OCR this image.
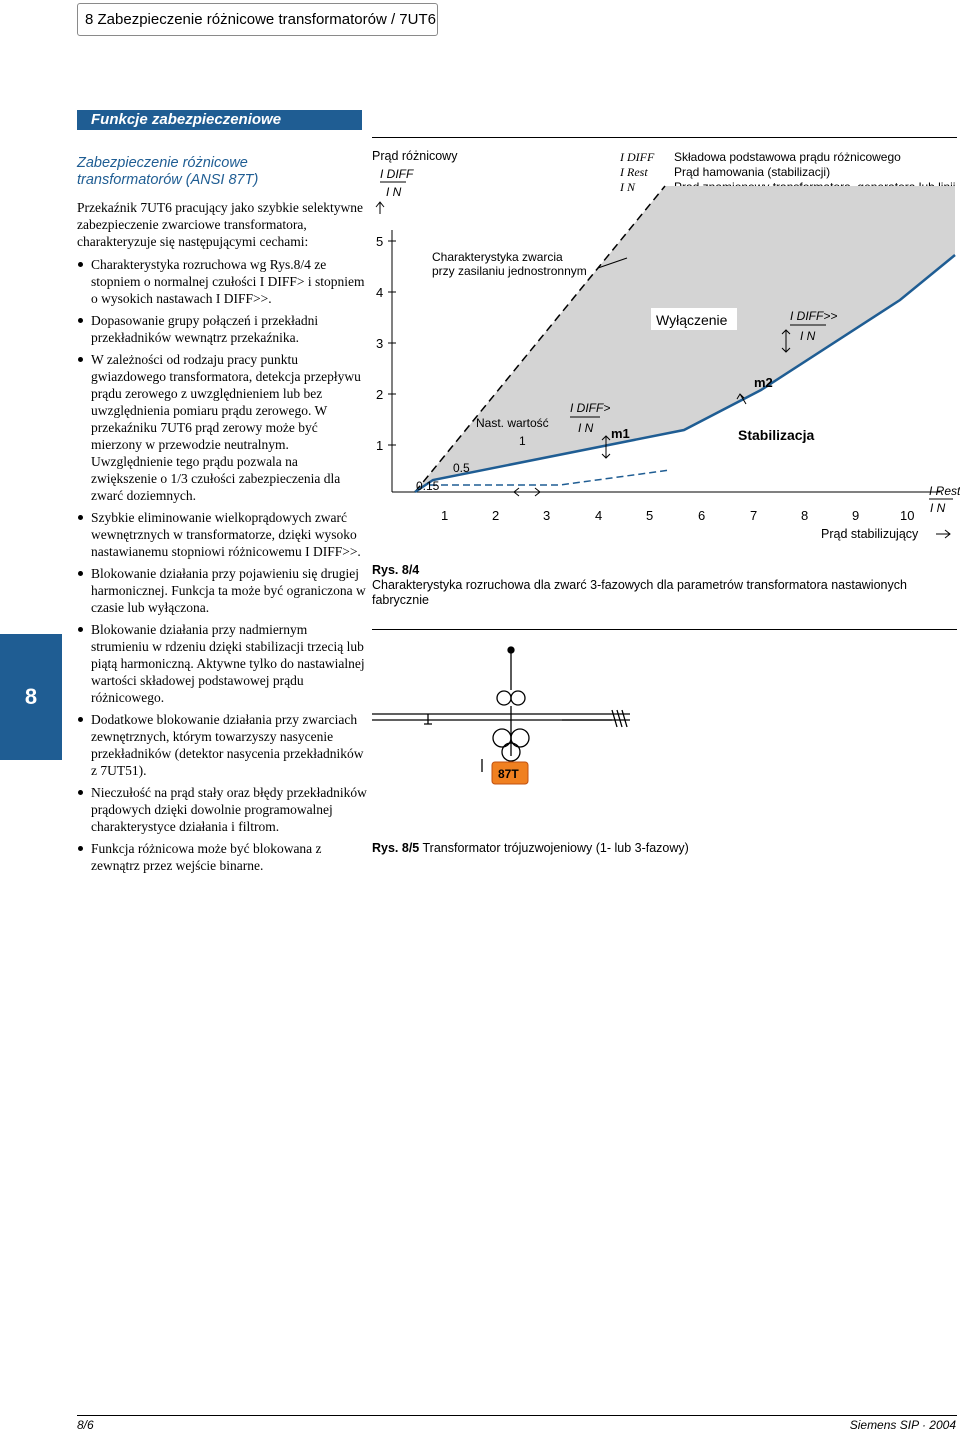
8 Zabezpieczenie różnicowe transformatorów / 7UT6
Funkcje zabezpieczeniowe

Zabezpieczenie różnicowe
transformatorów (ANSI 87T)

Przekaźnik 7UT6 pracujący jako szybkie selektywne zabezpieczenie zwarciowe transformatora, charakteryzuje się następującymi cechami:

Charakterystyka rozruchowa wg Rys.8/4 ze stopniem o normalnej czułości I DIFF> i stopniem o wysokich nastawach I DIFF>>.
Dopasowanie grupy połączeń i przekładni przekładników wewnątrz przekaźnika.
W zależności od rodzaju pracy punktu gwiazdowego transformatora, detekcja przepływu prądu zerowego z uwzględnieniem lub bez uwzględnienia pomiaru prądu zerowego. W przekaźniku 7UT6 prąd zerowy może być mierzony w przewodzie neutralnym. Uwzględnienie tego prądu pozwala na zwiększenie o 1/3 czułości zabezpieczenia dla zwarć doziemnych.
Szybkie eliminowanie wielkoprądowych zwarć wewnętrznych w transformatorze, dzięki wysoko nastawianemu stopniowi różnicowemu I DIFF>>.
Blokowanie działania przy pojawieniu się drugiej harmonicznej. Funkcja ta może być ograniczona w czasie lub wyłączona.
Blokowanie działania przy nadmiernym strumieniu w rdzeniu dzięki stabilizacji trzecią lub piątą harmoniczną. Aktywne tylko do nastawialnej wartości składowej podstawowej prądu różnicowego.
Dodatkowe blokowanie działania przy zwarciach zewnętrznych, którym towarzyszy nasycenie przekładników (detektor nasycenia przekładników z 7UT51).
Nieczułość na prąd stały oraz błędy przekładników prądowych dzięki dowolnie programowalnej charakterystyce działania i filtrom.
Funkcja różnicowa może być blokowana z zewnątrz przez wejście binarne.
I DIFF	Składowa podstawowa prądu różnicowego
I Rest	Prąd hamowania (stabilizacji)
I N
5
4
3
2
1
1	2	3	4	5	6	7	8	9	10
Prąd różnicowy
I DIFF
I N
I Rest
I N
Prąd stabilizujący
Charakterystyka zwarcia
przy zasilaniu jednostronnym
Wyłączenie
Stabilizacja
I DIFF>>
I N
I DIFF>
I N
Nast. wartość
1	m1
m2
0.5
0.15
Rys. 8/4
Charakterystyka rozruchowa dla zwarć 3-fazowych dla parametrów transformatora nastawionych fabrycznie
87T
Rys. 8/5 Transformator trójuzwojeniowy (1- lub 3-fazowy)
8
8/6	Siemens SIP · 2004
